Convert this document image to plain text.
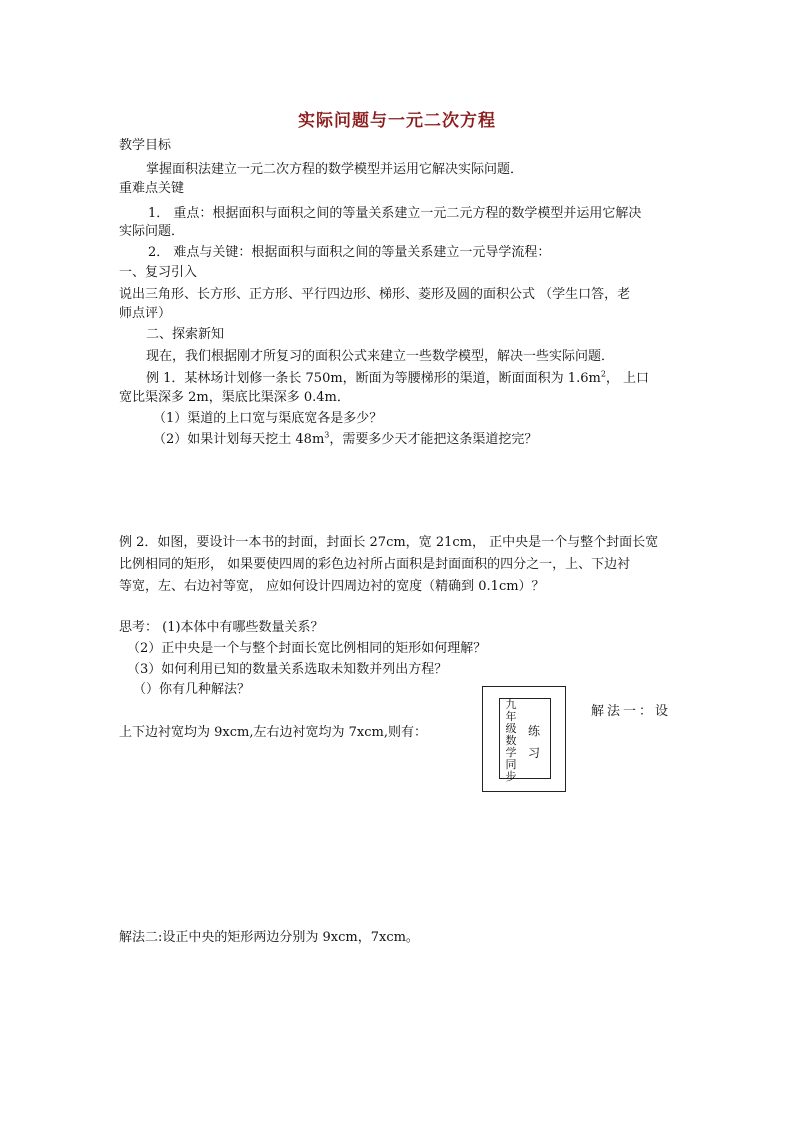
实际问题与一元二次方程
教学目标
掌握面积法建立一元二次方程的数学模型并运用它解决实际问题．
重难点关键
1． 重点：根据面积与面积之间的等量关系建立一元二元方程的数学模型并运用它解决
实际问题．
2． 难点与关键：根据面积与面积之间的等量关系建立一元导学流程：
一、复习引入
说出三角形、长方形、正方形、平行四边形、梯形、菱形及圆的面积公式 （学生口答，老
师点评）
二、探索新知
现在，我们根据刚才所复习的面积公式来建立一些数学模型，解决一些实际问题．
例 1．某林场计划修一条长 750m，断面为等腰梯形的渠道，断面面积为 $1.6m^2$， 上口
宽比渠深多 2m，渠底比渠深多 0.4m．
（1）渠道的上口宽与渠底宽各是多少？
（2）如果计划每天挖土 $48m^3$，需要多少天才能把这条渠道挖完？
例 2．如图，要设计一本书的封面，封面长 27cm，宽 21cm， 正中央是一个与整个封面长宽
比例相同的矩形， 如果要使四周的彩色边衬所占面积是封面面积的四分之一，上、下边衬
等宽，左、右边衬等宽， 应如何设计四周边衬的宽度（精确到 0.1cm）？
思考： (1)本体中有哪些数量关系？
（2）正中央是一个与整个封面长宽比例相同的矩形如何理解？
（3）如何利用已知的数量关系选取未知数并列出方程？
（）你有几种解法？
解法一：设
上下边衬宽均为 9xcm,左右边衬宽均为 7xcm,则有：
九年级数学同步
练
习
解法二:设正中央的矩形两边分别为 9xcm，7xcm。
